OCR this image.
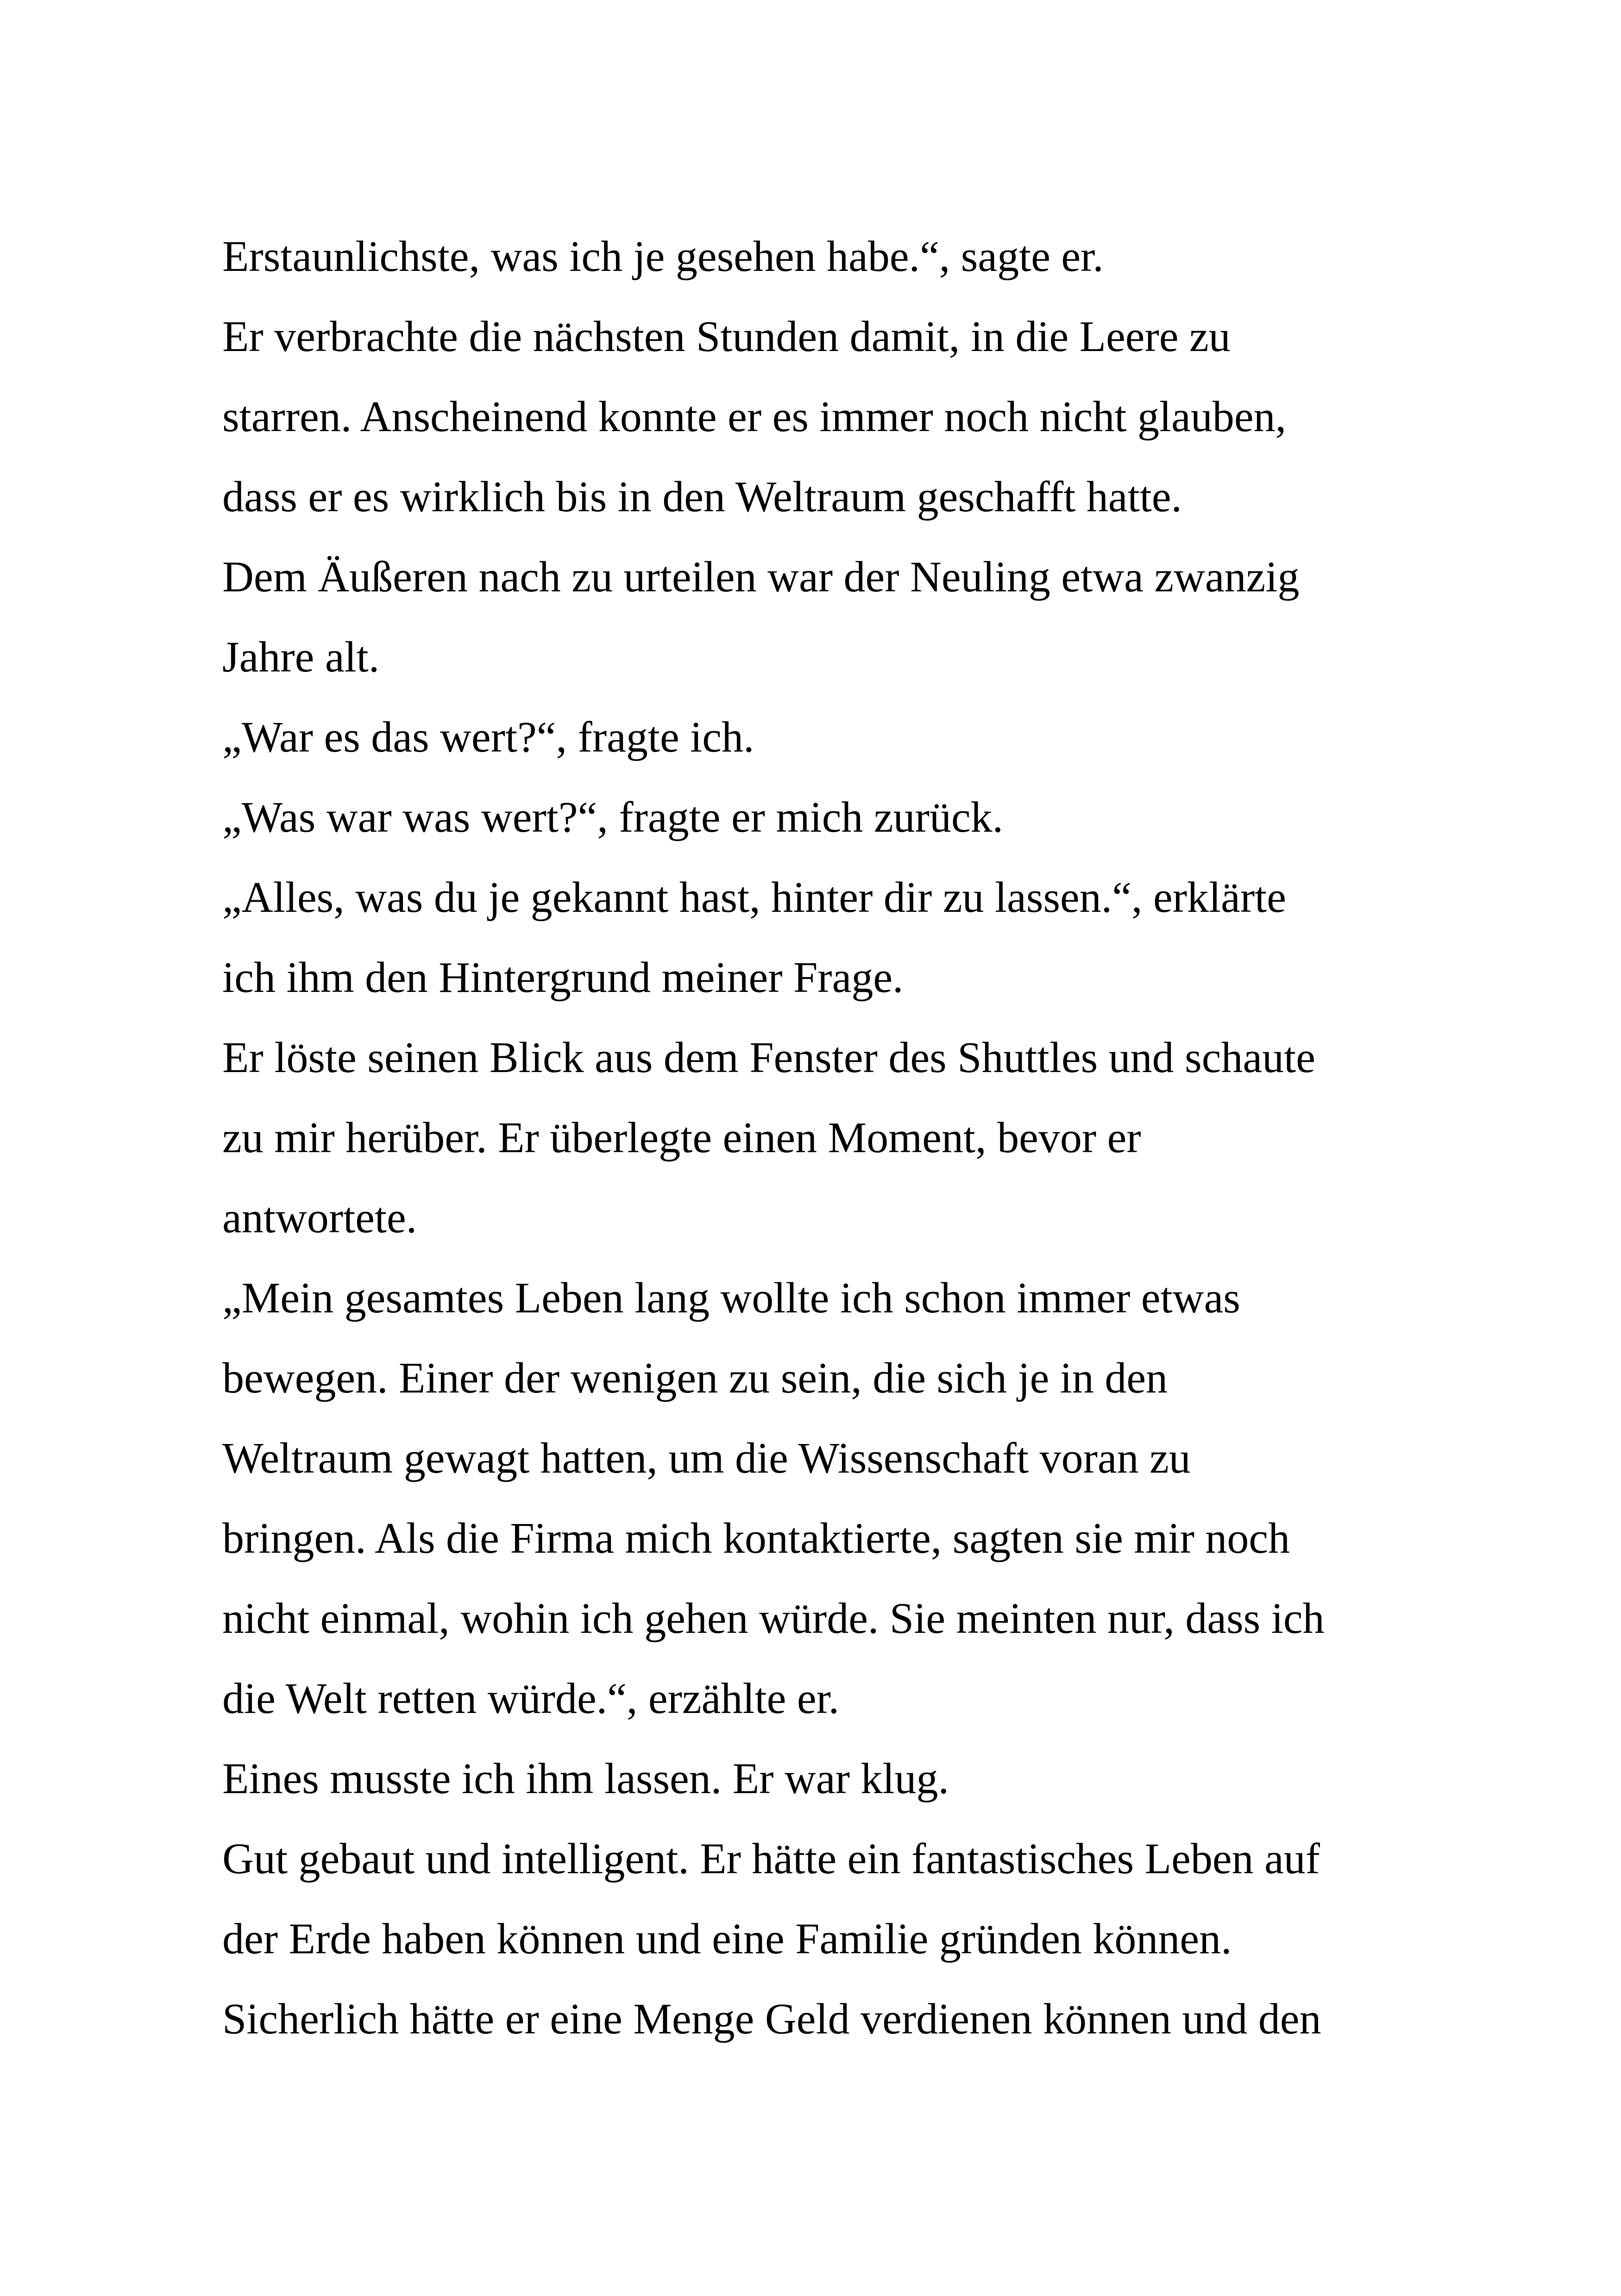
Erstaunlichste, was ich je gesehen habe.“, sagte er.

Er verbrachte die nächsten Stunden damit, in die Leere zu

starren. Anscheinend konnte er es immer noch nicht glauben,

dass er es wirklich bis in den Weltraum geschafft hatte.

Dem Äußeren nach zu urteilen war der Neuling etwa zwanzig

Jahre alt.

„War es das wert?“, fragte ich.

„Was war was wert?“, fragte er mich zurück.

„Alles, was du je gekannt hast, hinter dir zu lassen.“, erklärte

ich ihm den Hintergrund meiner Frage.

Er löste seinen Blick aus dem Fenster des Shuttles und schaute

zu mir herüber. Er überlegte einen Moment, bevor er

antwortete.

„Mein gesamtes Leben lang wollte ich schon immer etwas

bewegen. Einer der wenigen zu sein, die sich je in den

Weltraum gewagt hatten, um die Wissenschaft voran zu

bringen. Als die Firma mich kontaktierte, sagten sie mir noch

nicht einmal, wohin ich gehen würde. Sie meinten nur, dass ich

die Welt retten würde.“, erzählte er.

Eines musste ich ihm lassen. Er war klug.

Gut gebaut und intelligent. Er hätte ein fantastisches Leben auf

der Erde haben können und eine Familie gründen können.

Sicherlich hätte er eine Menge Geld verdienen können und den
